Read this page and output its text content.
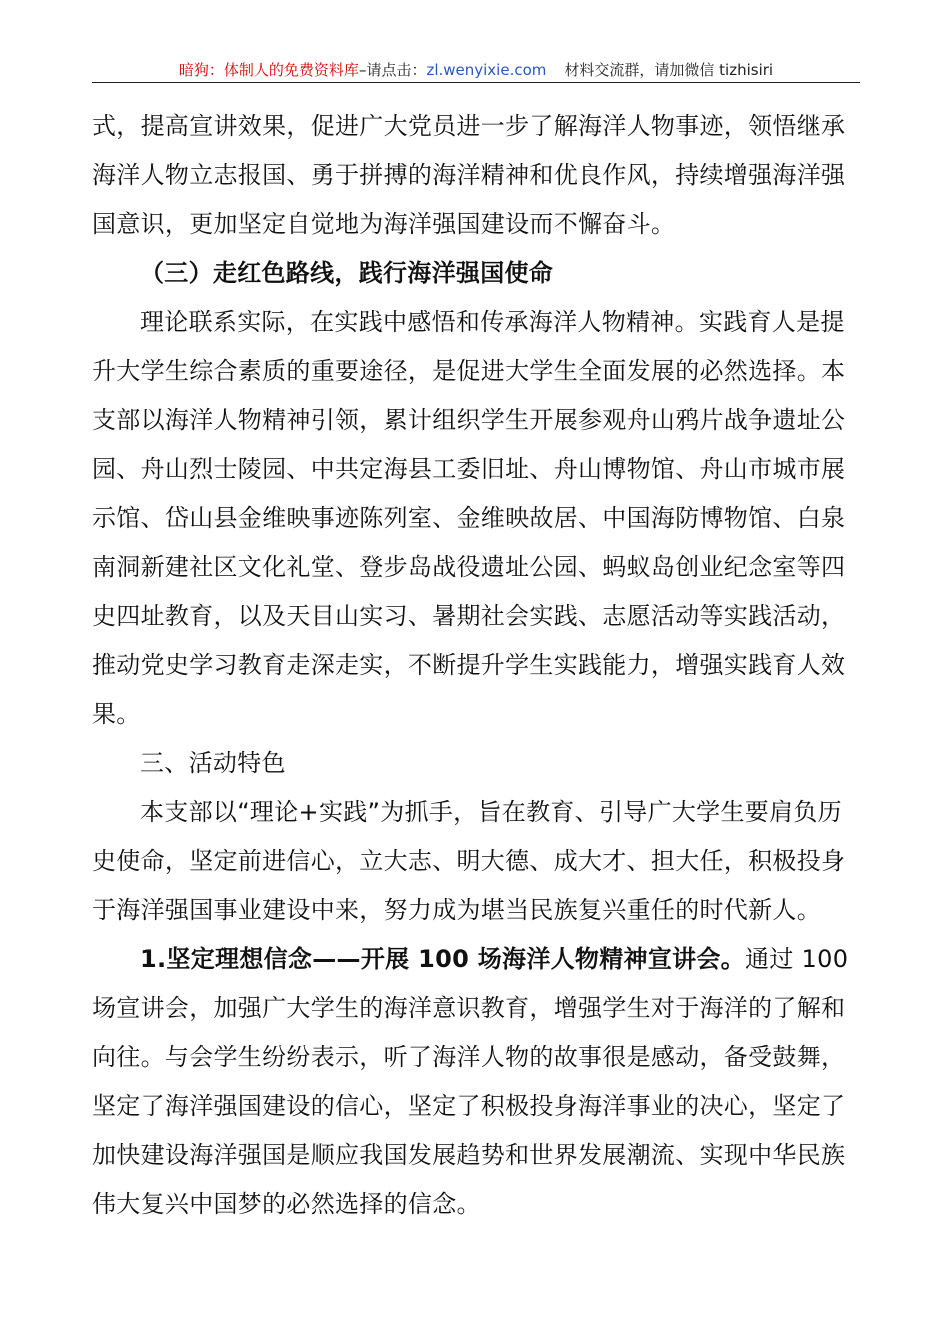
暗狗：体制人的免费资料库–请点击：zl.wenyixie.com 材料交流群，请加微信 tizhisiri

式，提高宣讲效果，促进广大党员进一步了解海洋人物事迹，领悟继承海洋人物立志报国、勇于拼搏的海洋精神和优良作风，持续增强海洋强国意识，更加坚定自觉地为海洋强国建设而不懈奋斗。

（三）走红色路线，践行海洋强国使命

理论联系实际，在实践中感悟和传承海洋人物精神。实践育人是提升大学生综合素质的重要途径，是促进大学生全面发展的必然选择。本支部以海洋人物精神引领，累计组织学生开展参观舟山鸦片战争遗址公园、舟山烈士陵园、中共定海县工委旧址、舟山博物馆、舟山市城市展示馆、岱山县金维映事迹陈列室、金维映故居、中国海防博物馆、白泉南洞新建社区文化礼堂、登步岛战役遗址公园、蚂蚁岛创业纪念室等四史四址教育，以及天目山实习、暑期社会实践、志愿活动等实践活动，推动党史学习教育走深走实，不断提升学生实践能力，增强实践育人效果。

三、活动特色

本支部以“理论+实践”为抓手，旨在教育、引导广大学生要肩负历史使命，坚定前进信心，立大志、明大德、成大才、担大任，积极投身于海洋强国事业建设中来，努力成为堪当民族复兴重任的时代新人。

1.坚定理想信念——开展 100 场海洋人物精神宣讲会。通过 100 场宣讲会，加强广大学生的海洋意识教育，增强学生对于海洋的了解和向往。与会学生纷纷表示，听了海洋人物的故事很是感动，备受鼓舞，坚定了海洋强国建设的信心，坚定了积极投身海洋事业的决心，坚定了加快建设海洋强国是顺应我国发展趋势和世界发展潮流、实现中华民族伟大复兴中国梦的必然选择的信念。
